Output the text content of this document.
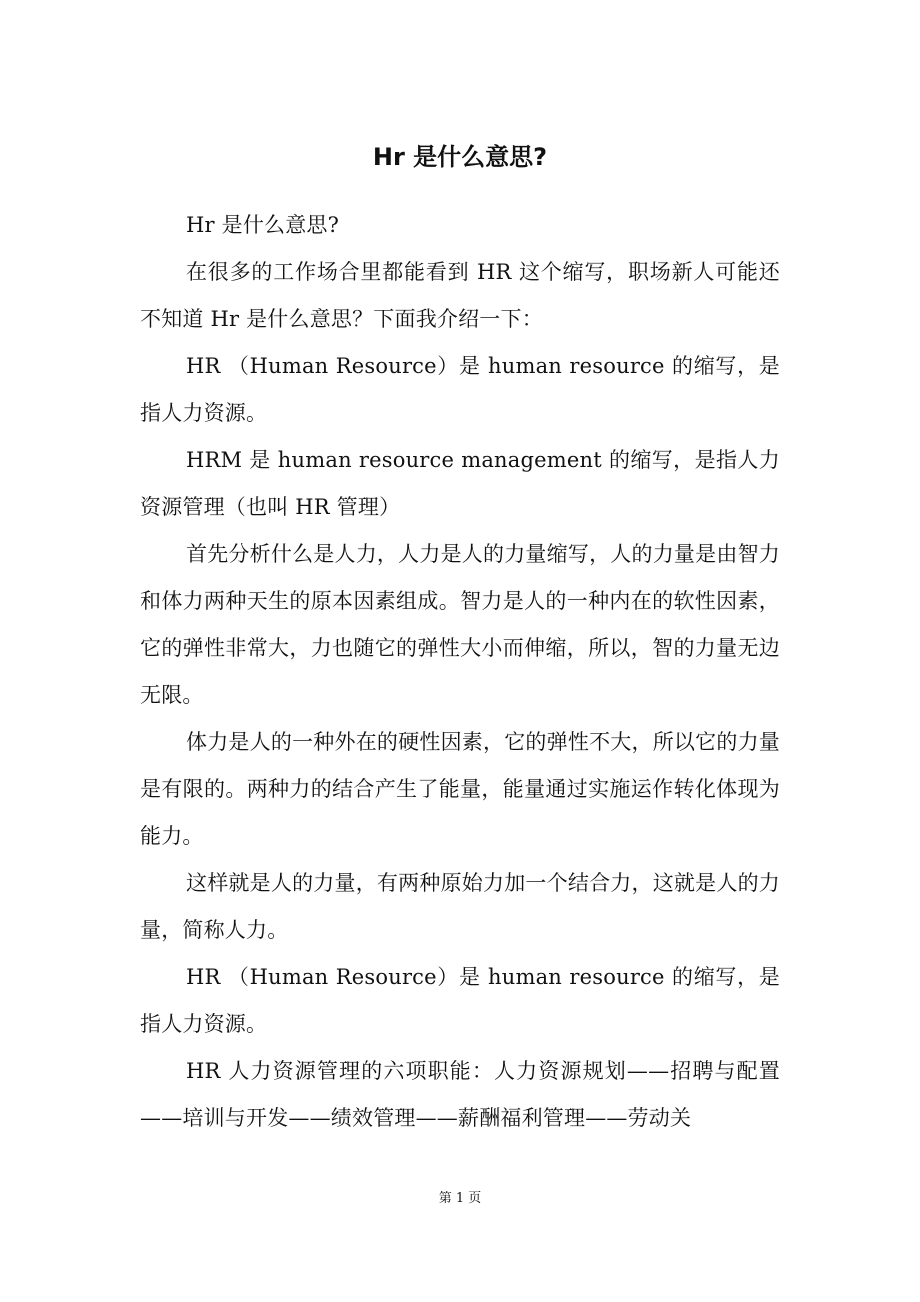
Hr 是什么意思?

Hr 是什么意思?

在很多的工作场合里都能看到 HR 这个缩写，职场新人可能还不知道 Hr 是什么意思？下面我介绍一下：

HR （Human Resource）是 human resource 的缩写，是指人力资源。

HRM 是 human resource management 的缩写，是指人力资源管理（也叫 HR 管理）

首先分析什么是人力，人力是人的力量缩写，人的力量是由智力和体力两种天生的原本因素组成。智力是人的一种内在的软性因素，它的弹性非常大，力也随它的弹性大小而伸缩，所以，智的力量无边无限。

体力是人的一种外在的硬性因素，它的弹性不大，所以它的力量是有限的。两种力的结合产生了能量，能量通过实施运作转化体现为能力。

这样就是人的力量，有两种原始力加一个结合力，这就是人的力量，简称人力。

HR （Human Resource）是 human resource 的缩写，是指人力资源。

HR 人力资源管理的六项职能：人力资源规划——招聘与配置——培训与开发——绩效管理——薪酬福利管理——劳动关

第 1 页
